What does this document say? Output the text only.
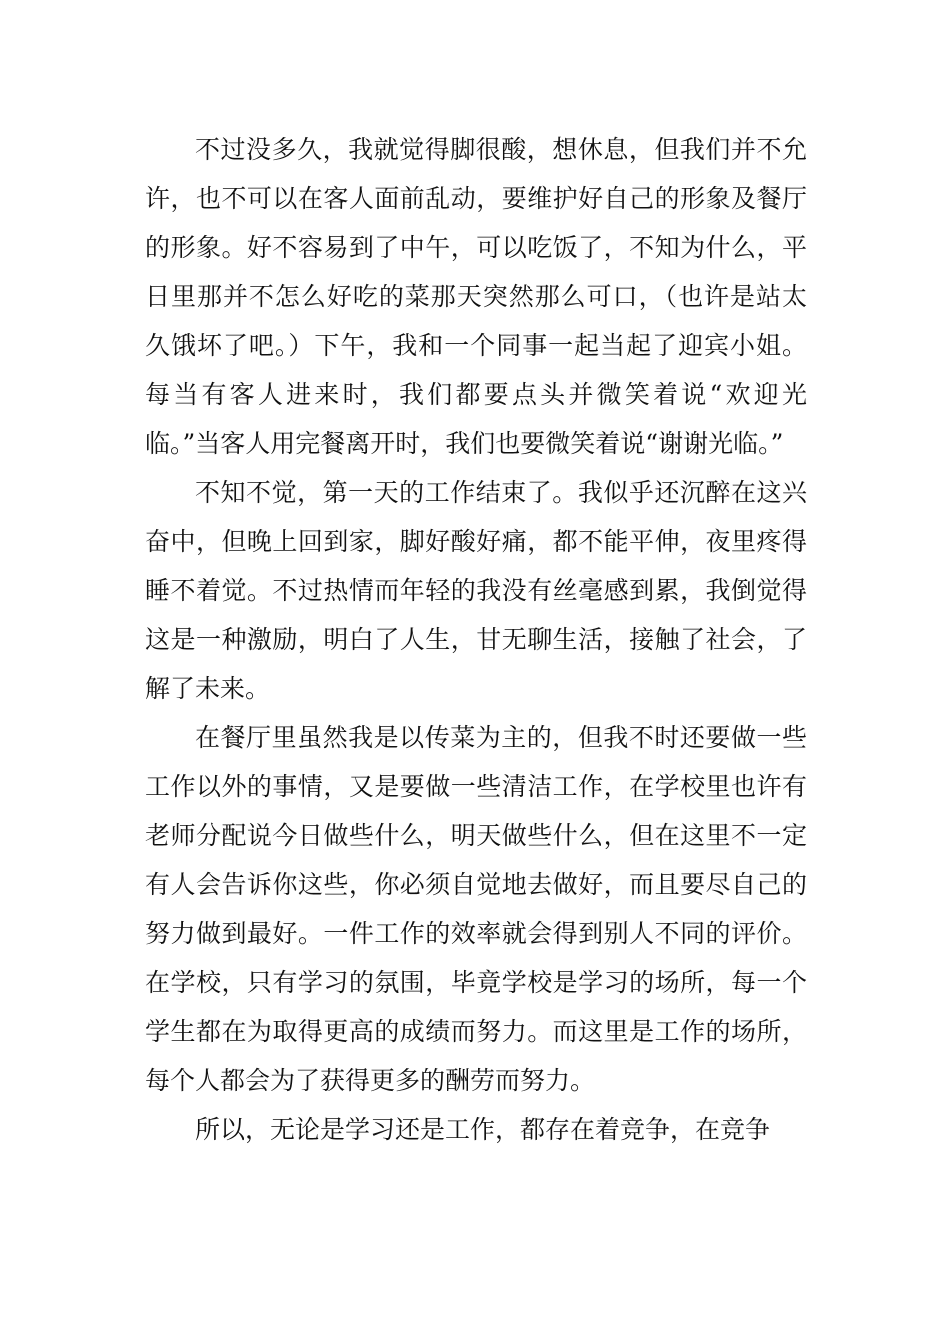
不过没多久，我就觉得脚很酸，想休息，但我们并不允许，也不可以在客人面前乱动，要维护好自己的形象及餐厅的形象。好不容易到了中午，可以吃饭了，不知为什么，平日里那并不怎么好吃的菜那天突然那么可口，（也许是站太久饿坏了吧。）下午，我和一个同事一起当起了迎宾小姐。每当有客人进来时，我们都要点头并微笑着说“欢迎光临。”当客人用完餐离开时，我们也要微笑着说“谢谢光临。”

不知不觉，第一天的工作结束了。我似乎还沉醉在这兴奋中，但晚上回到家，脚好酸好痛，都不能平伸，夜里疼得睡不着觉。不过热情而年轻的我没有丝毫感到累，我倒觉得这是一种激励，明白了人生，甘无聊生活，接触了社会，了解了未来。

在餐厅里虽然我是以传菜为主的，但我不时还要做一些工作以外的事情，又是要做一些清洁工作，在学校里也许有老师分配说今日做些什么，明天做些什么，但在这里不一定有人会告诉你这些，你必须自觉地去做好，而且要尽自己的努力做到最好。一件工作的效率就会得到别人不同的评价。在学校，只有学习的氛围，毕竟学校是学习的场所，每一个学生都在为取得更高的成绩而努力。而这里是工作的场所，每个人都会为了获得更多的酬劳而努力。

所以，无论是学习还是工作，都存在着竞争，在竞争
